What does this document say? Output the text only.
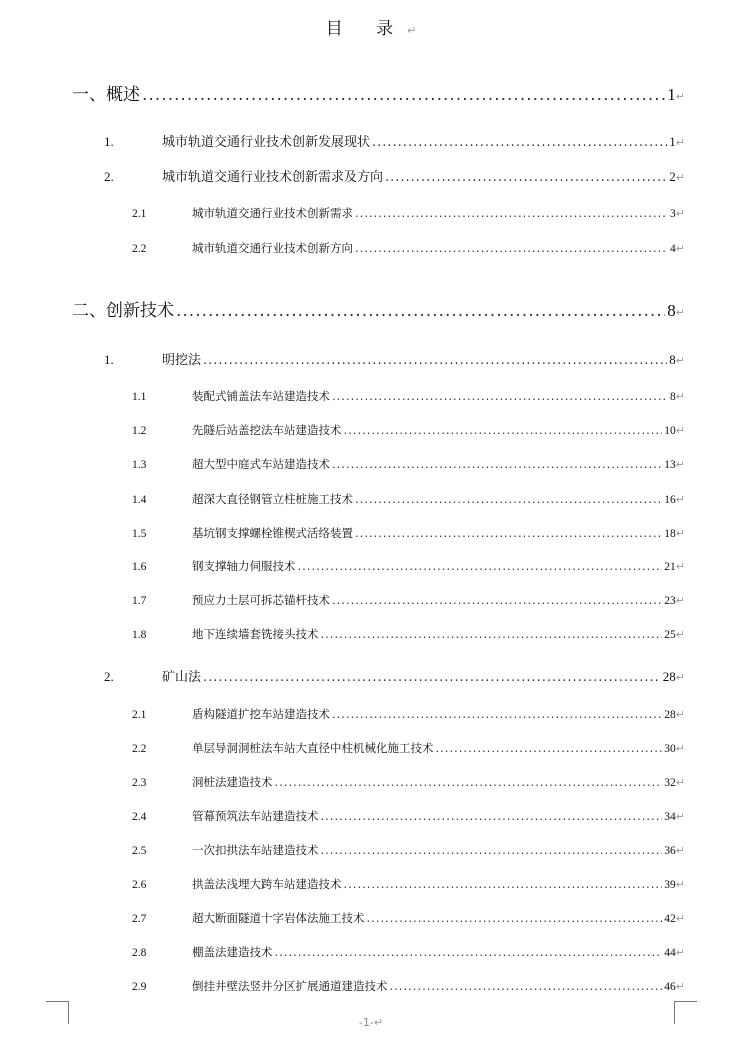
目 录↵
一、概述 .....	1 ↵
1.	城市轨道交通行业技术创新发展现状 .....	1 ↵
2.	城市轨道交通行业技术创新需求及方向 .....	2 ↵
2.1	城市轨道交通行业技术创新需求 .....	3 ↵
2.2	城市轨道交通行业技术创新方向 .....	4 ↵
二、创新技术 .....	8 ↵
1.	明挖法 .....	8 ↵
1.1	装配式铺盖法车站建造技术 .....	8 ↵
1.2	先隧后站盖挖法车站建造技术 .....	10 ↵
1.3	超大型中庭式车站建造技术 .....	13 ↵
1.4	超深大直径钢管立柱桩施工技术 .....	16 ↵
1.5	基坑钢支撑螺栓锥楔式活络装置 .....	18 ↵
1.6	钢支撑轴力伺服技术 .....	21 ↵
1.7	预应力土层可拆芯锚杆技术 .....	23 ↵
1.8	地下连续墙套铣接头技术 .....	25 ↵
2.	矿山法 .....	28 ↵
2.1	盾构隧道扩挖车站建造技术 .....	28 ↵
2.2	单层导洞洞桩法车站大直径中柱机械化施工技术 .....	30 ↵
2.3	洞桩法建造技术 .....	32 ↵
2.4	管幕预筑法车站建造技术 .....	34 ↵
2.5	一次扣拱法车站建造技术 .....	36 ↵
2.6	拱盖法浅埋大跨车站建造技术 .....	39 ↵
2.7	超大断面隧道十字岩体法施工技术 .....	42 ↵
2.8	棚盖法建造技术 .....	44 ↵
2.9	倒挂井壁法竖井分区扩展通道建造技术 .....	46 ↵
-1-↵
